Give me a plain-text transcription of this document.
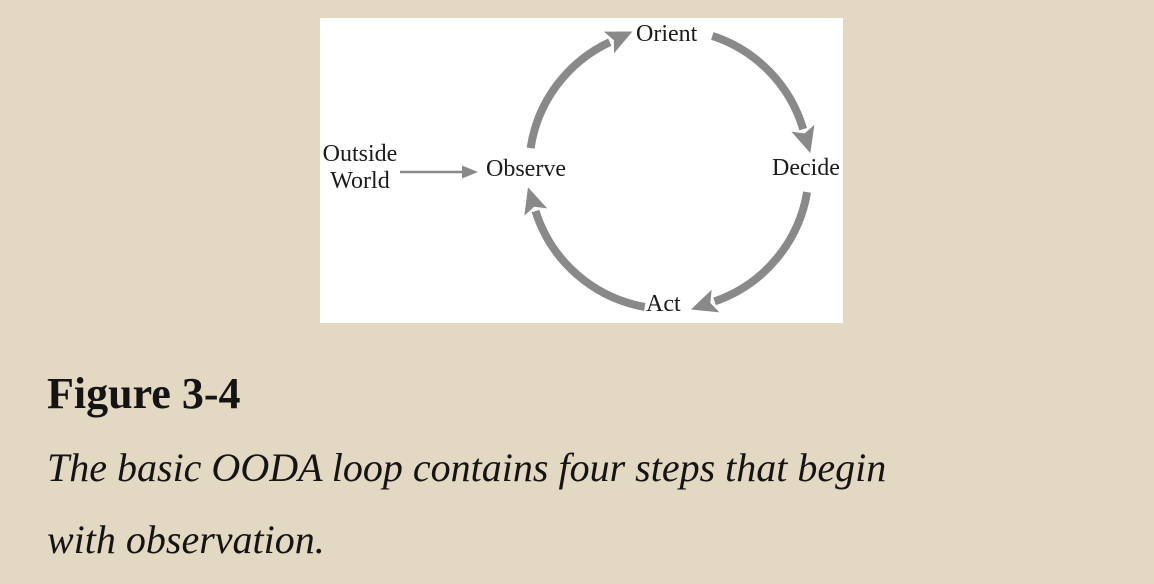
Orient
Decide
Act
Observe
Outside
World
Figure 3-4
The basic OODA loop contains four steps that begin with observation.
